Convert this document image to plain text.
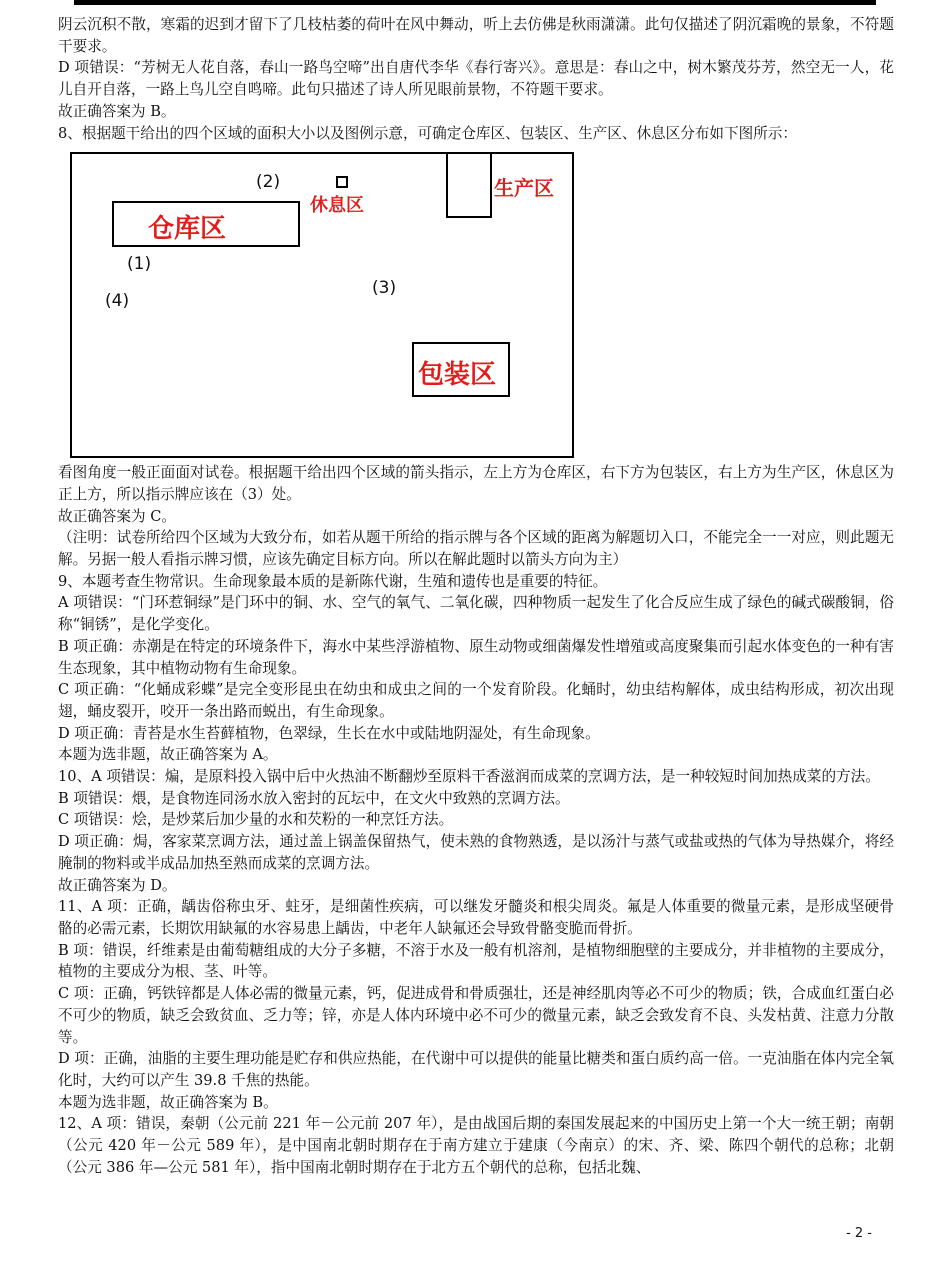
阴云沉积不散，寒霜的迟到才留下了几枝枯萎的荷叶在风中舞动，听上去仿佛是秋雨潇潇。此句仅描述了阴沉霜晚的景象，不符题干要求。

D 项错误：“芳树无人花自落，春山一路鸟空啼”出自唐代李华《春行寄兴》。意思是：春山之中，树木繁茂芬芳，然空无一人，花儿自开自落，一路上鸟儿空自鸣啼。此句只描述了诗人所见眼前景物，不符题干要求。

故正确答案为 B。

8、根据题干给出的四个区域的面积大小以及图例示意，可确定仓库区、包装区、生产区、休息区分布如下图所示：

仓库区
休息区
生产区
包装区
(2)
(1)
(3)
(4)

看图角度一般正面面对试卷。根据题干给出四个区域的箭头指示，左上方为仓库区，右下方为包装区，右上方为生产区，休息区为正上方，所以指示牌应该在（3）处。

故正确答案为 C。

（注明：试卷所给四个区域为大致分布，如若从题干所给的指示牌与各个区域的距离为解题切入口，不能完全一一对应，则此题无解。另据一般人看指示牌习惯，应该先确定目标方向。所以在解此题时以箭头方向为主）

9、本题考查生物常识。生命现象最本质的是新陈代谢，生殖和遗传也是重要的特征。

A 项错误：“门环惹铜绿”是门环中的铜、水、空气的氧气、二氧化碳，四种物质一起发生了化合反应生成了绿色的碱式碳酸铜，俗称“铜锈”，是化学变化。

B 项正确：赤潮是在特定的环境条件下，海水中某些浮游植物、原生动物或细菌爆发性增殖或高度聚集而引起水体变色的一种有害生态现象，其中植物动物有生命现象。

C 项正确：“化蛹成彩蝶”是完全变形昆虫在幼虫和成虫之间的一个发育阶段。化蛹时，幼虫结构解体，成虫结构形成，初次出现翅，蛹皮裂开，咬开一条出路而蜕出，有生命现象。

D 项正确：青苔是水生苔藓植物，色翠绿，生长在水中或陆地阴湿处，有生命现象。

本题为选非题，故正确答案为 A。

10、A 项错误：煸，是原料投入锅中后中火热油不断翻炒至原料干香滋润而成菜的烹调方法，是一种较短时间加热成菜的方法。

B 项错误：煨，是食物连同汤水放入密封的瓦坛中，在文火中致熟的烹调方法。

C 项错误：烩，是炒菜后加少量的水和芡粉的一种烹饪方法。

D 项正确：焗，客家菜烹调方法，通过盖上锅盖保留热气，使未熟的食物熟透，是以汤汁与蒸气或盐或热的气体为导热媒介，将经腌制的物料或半成品加热至熟而成菜的烹调方法。

故正确答案为 D。

11、A 项：正确，龋齿俗称虫牙、蛀牙，是细菌性疾病，可以继发牙髓炎和根尖周炎。氟是人体重要的微量元素，是形成坚硬骨骼的必需元素，长期饮用缺氟的水容易患上龋齿，中老年人缺氟还会导致骨骼变脆而骨折。

B 项：错误，纤维素是由葡萄糖组成的大分子多糖，不溶于水及一般有机溶剂，是植物细胞壁的主要成分，并非植物的主要成分，植物的主要成分为根、茎、叶等。

C 项：正确，钙铁锌都是人体必需的微量元素，钙，促进成骨和骨质强壮，还是神经肌肉等必不可少的物质；铁，合成血红蛋白必不可少的物质，缺乏会致贫血、乏力等；锌，亦是人体内环境中必不可少的微量元素，缺乏会致发育不良、头发枯黄、注意力分散等。

D 项：正确，油脂的主要生理功能是贮存和供应热能，在代谢中可以提供的能量比糖类和蛋白质约高一倍。一克油脂在体内完全氧化时，大约可以产生 39.8 千焦的热能。

本题为选非题，故正确答案为 B。

12、A 项：错误，秦朝（公元前 221 年－公元前 207 年），是由战国后期的秦国发展起来的中国历史上第一个大一统王朝；南朝（公元 420 年－公元 589 年），是中国南北朝时期存在于南方建立于建康（今南京）的宋、齐、梁、陈四个朝代的总称；北朝（公元 386 年—公元 581 年），指中国南北朝时期存在于北方五个朝代的总称，包括北魏、

- 2 -
